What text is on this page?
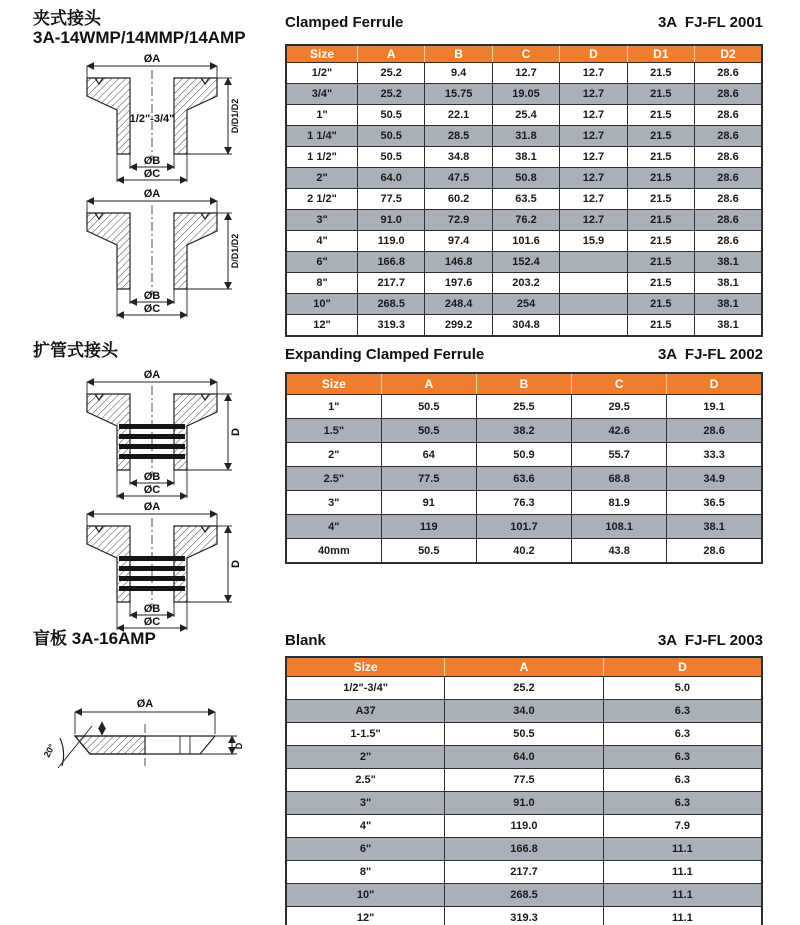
夹式接头
3A-14WMP/14MMP/14AMP
ØA
1/2"-3/4"	D/D1/D2
ØB
ØC
ØA
D/D1/D2
ØB
ØC
扩管式接头
ØA
D
ØB
ØC
ØA
D
ØB
ØC
盲板 3A-16AMP
ØA
D
20°
Clamped Ferrule	3A  FJ-FL 2001
Size	A	B	C	D	D1	D2
1/2"	25.2	9.4	12.7	12.7	21.5	28.6
3/4"	25.2	15.75	19.05	12.7	21.5	28.6
1"	50.5	22.1	25.4	12.7	21.5	28.6
1 1/4"	50.5	28.5	31.8	12.7	21.5	28.6
1 1/2"	50.5	34.8	38.1	12.7	21.5	28.6
2"	64.0	47.5	50.8	12.7	21.5	28.6
2 1/2"	77.5	60.2	63.5	12.7	21.5	28.6
3"	91.0	72.9	76.2	12.7	21.5	28.6
4"	119.0	97.4	101.6	15.9	21.5	28.6
6"	166.8	146.8	152.4		21.5	38.1
8"	217.7	197.6	203.2		21.5	38.1
10"	268.5	248.4	254		21.5	38.1
12"	319.3	299.2	304.8		21.5	38.1
Expanding Clamped Ferrule	3A  FJ-FL 2002
Size	A	B	C	D
1"	50.5	25.5	29.5	19.1
1.5"	50.5	38.2	42.6	28.6
2"	64	50.9	55.7	33.3
2.5"	77.5	63.6	68.8	34.9
3"	91	76.3	81.9	36.5
4"	119	101.7	108.1	38.1
40mm	50.5	40.2	43.8	28.6
Blank	3A  FJ-FL 2003
Size	A	D
1/2"-3/4"	25.2	5.0
A37	34.0	6.3
1-1.5"	50.5	6.3
2"	64.0	6.3
2.5"	77.5	6.3
3"	91.0	6.3
4"	119.0	7.9
6"	166.8	11.1
8"	217.7	11.1
10"	268.5	11.1
12"	319.3	11.1
